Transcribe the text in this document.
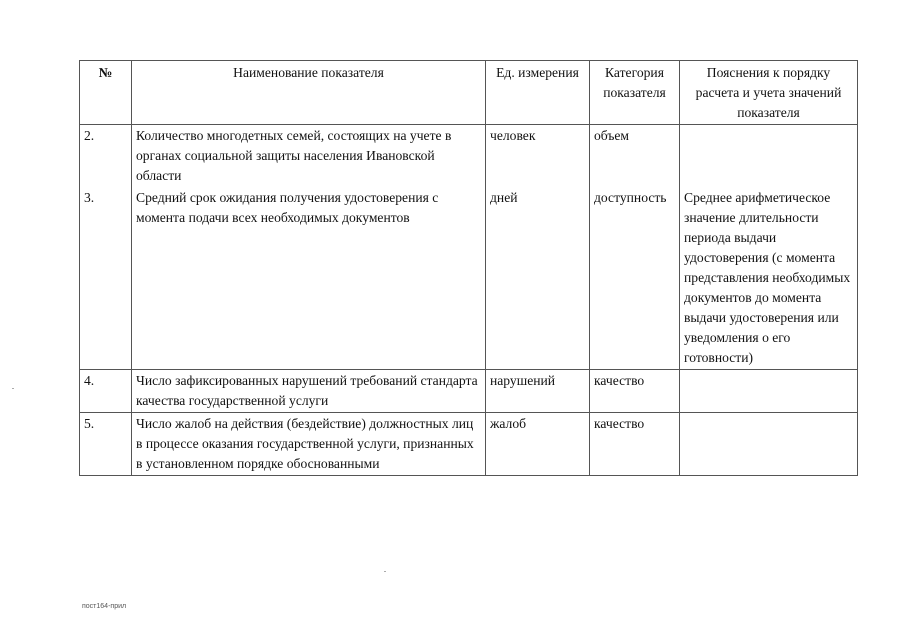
№	Наименование показателя	Ед. измерения	Категория показателя	Пояснения к порядку расчета и учета значений показателя
2.	Количество многодетных семей, состоящих на учете в органах социальной защиты населения Ивановской области	человек	объем	
3.	Средний срок ожидания получения удостоверения с момента подачи всех необходимых документов	дней	доступность	Среднее арифметическое значение длительности периода выдачи удостоверения (с момента представления необходимых документов до момента выдачи удостоверения или уведомления о его готовности)
4.	Число зафиксированных нарушений требований стандарта качества государственной услуги	нарушений	качество	
5.	Число жалоб на действия (бездействие) должностных лиц в процессе оказания государственной услуги, признанных в установленном порядке обоснованными	жалоб	качество	
пост164-прил
